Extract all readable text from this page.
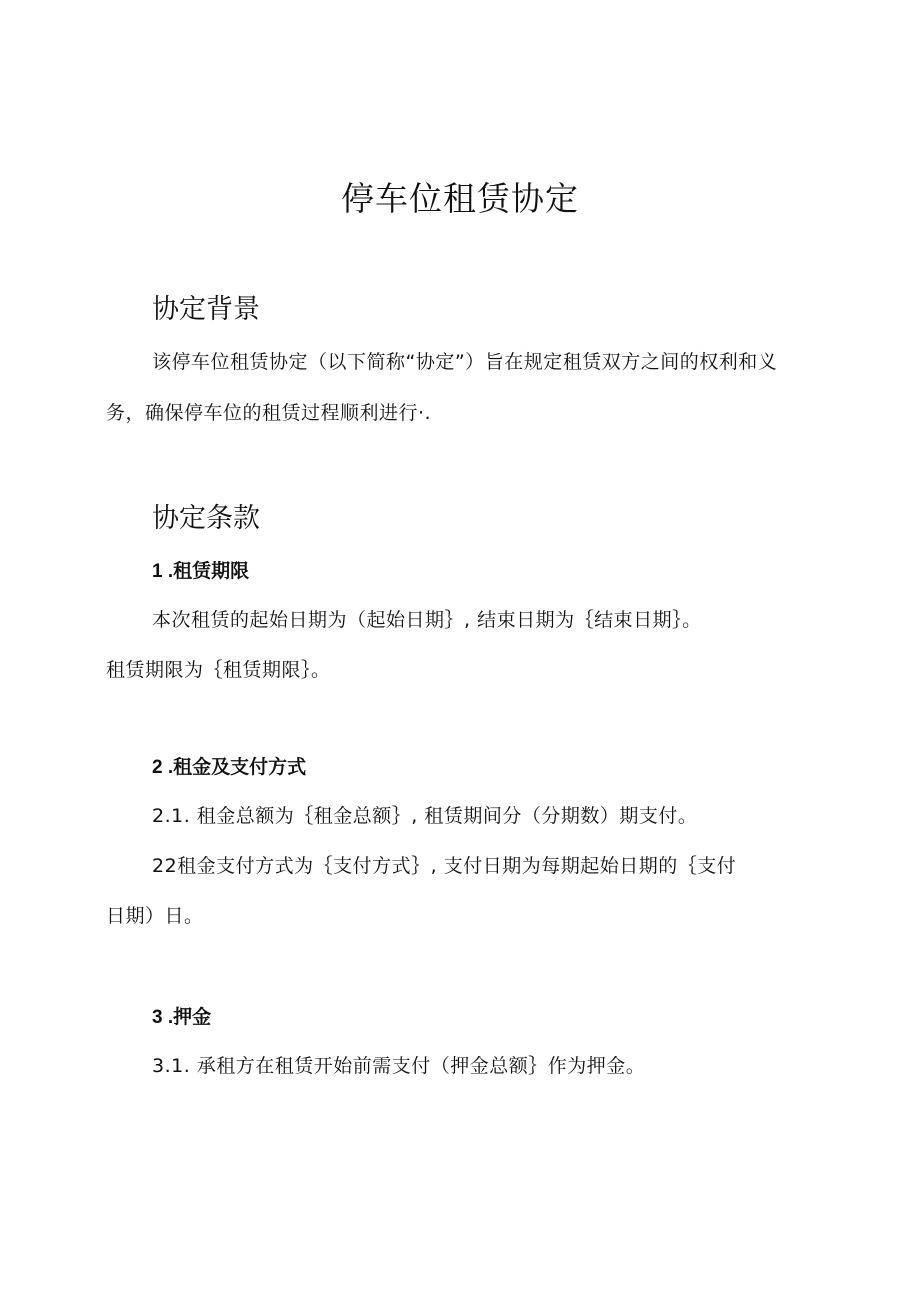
停车位租赁协定
协定背景

该停车位租赁协定（以下简称“协定”）旨在规定租赁双方之间的权利和义务，确保停车位的租赁过程顺利进行·.

协定条款
1 .租赁期限

本次租赁的起始日期为（起始日期｝, 结束日期为｛结束日期｝。

租赁期限为｛租赁期限｝。

2 .租金及支付方式

2.1. 租金总额为｛租金总额｝, 租赁期间分（分期数）期支付。

22租金支付方式为｛支付方式｝, 支付日期为每期起始日期的｛支付

日期）日。

3 .押金

3.1. 承租方在租赁开始前需支付（押金总额｝作为押金。
